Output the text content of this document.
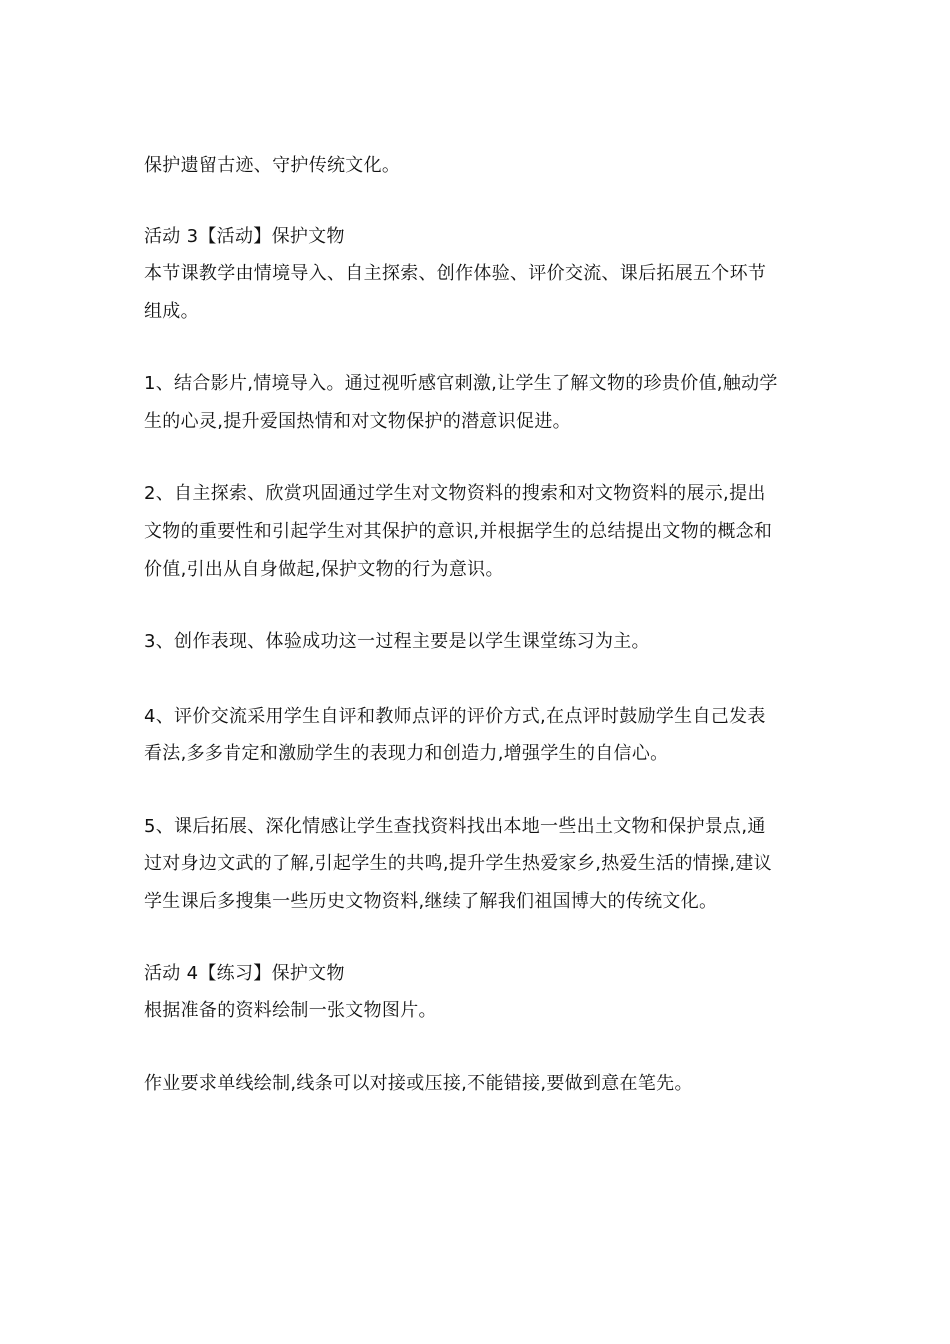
保护遗留古迹、守护传统文化。
活动 3【活动】保护文物
本节课教学由情境导入、自主探索、创作体验、评价交流、课后拓展五个环节
组成。
1、结合影片,情境导入。通过视听感官刺激,让学生了解文物的珍贵价值,触动学
生的心灵,提升爱国热情和对文物保护的潜意识促进。
2、自主探索、欣赏巩固通过学生对文物资料的搜索和对文物资料的展示,提出
文物的重要性和引起学生对其保护的意识,并根据学生的总结提出文物的概念和
价值,引出从自身做起,保护文物的行为意识。
3、创作表现、体验成功这一过程主要是以学生课堂练习为主。
4、评价交流采用学生自评和教师点评的评价方式,在点评时鼓励学生自己发表
看法,多多肯定和激励学生的表现力和创造力,增强学生的自信心。
5、课后拓展、深化情感让学生查找资料找出本地一些出土文物和保护景点,通
过对身边文武的了解,引起学生的共鸣,提升学生热爱家乡,热爱生活的情操,建议
学生课后多搜集一些历史文物资料,继续了解我们祖国博大的传统文化。
活动 4【练习】保护文物
根据准备的资料绘制一张文物图片。
作业要求单线绘制,线条可以对接或压接,不能错接,要做到意在笔先。
